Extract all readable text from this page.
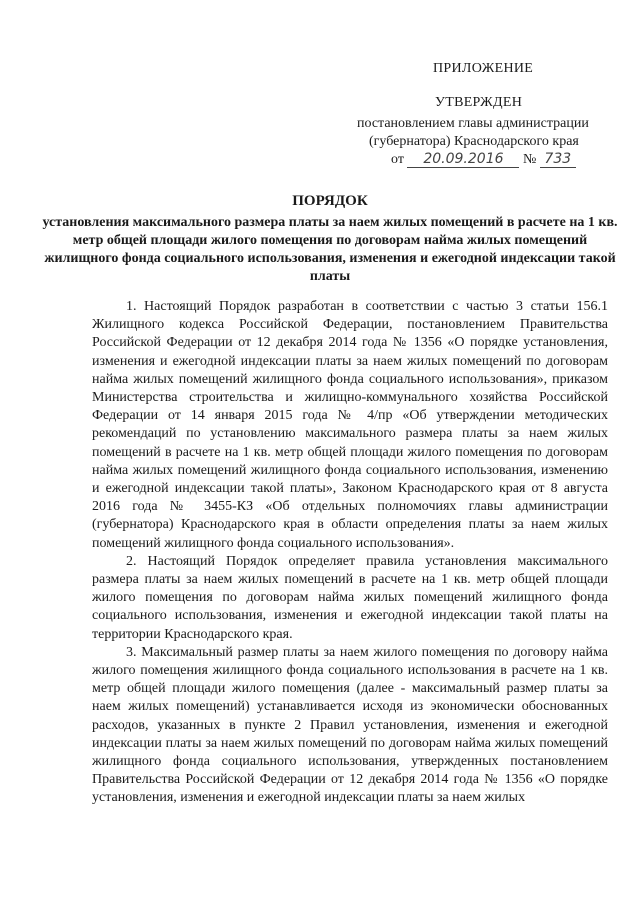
ПРИЛОЖЕНИЕ
УТВЕРЖДЕН
постановлением главы администрации
(губернатора) Краснодарского края
от 20.09.2016 № 733
ПОРЯДОК
установления максимального размера платы за наем жилых помещений в расчете на 1 кв. метр общей площади жилого помещения по договорам найма жилых помещений жилищного фонда социального использования, изменения и ежегодной индексации такой платы

1. Настоящий Порядок разработан в соответствии с частью 3 статьи 156.1 Жилищного кодекса Российской Федерации, постановлением Правительства Российской Федерации от 12 декабря 2014 года № 1356 «О порядке установления, изменения и ежегодной индексации платы за наем жилых помещений по договорам найма жилых помещений жилищного фонда социального использования», приказом Министерства строительства и жилищно-коммунального хозяйства Российской Федерации от 14 января 2015 года № 4/пр «Об утверждении методических рекомендаций по установлению максимального размера платы за наем жилых помещений в расчете на 1 кв. метр общей площади жилого помещения по договорам найма жилых помещений жилищного фонда социального использования, изменению и ежегодной индексации такой платы», Законом Краснодарского края от 8 августа 2016 года № 3455-КЗ «Об отдельных полномочиях главы администрации (губернатора) Краснодарского края в области определения платы за наем жилых помещений жилищного фонда социального использования».

2. Настоящий Порядок определяет правила установления максимального размера платы за наем жилых помещений в расчете на 1 кв. метр общей площади жилого помещения по договорам найма жилых помещений жилищного фонда социального использования, изменения и ежегодной индексации такой платы на территории Краснодарского края.

3. Максимальный размер платы за наем жилого помещения по договору найма жилого помещения жилищного фонда социального использования в расчете на 1 кв. метр общей площади жилого помещения (далее - максимальный размер платы за наем жилых помещений) устанавливается исходя из экономически обоснованных расходов, указанных в пункте 2 Правил установления, изменения и ежегодной индексации платы за наем жилых помещений по договорам найма жилых помещений жилищного фонда социального использования, утвержденных постановлением Правительства Российской Федерации от 12 декабря 2014 года № 1356 «О порядке установления, изменения и ежегодной индексации платы за наем жилых
